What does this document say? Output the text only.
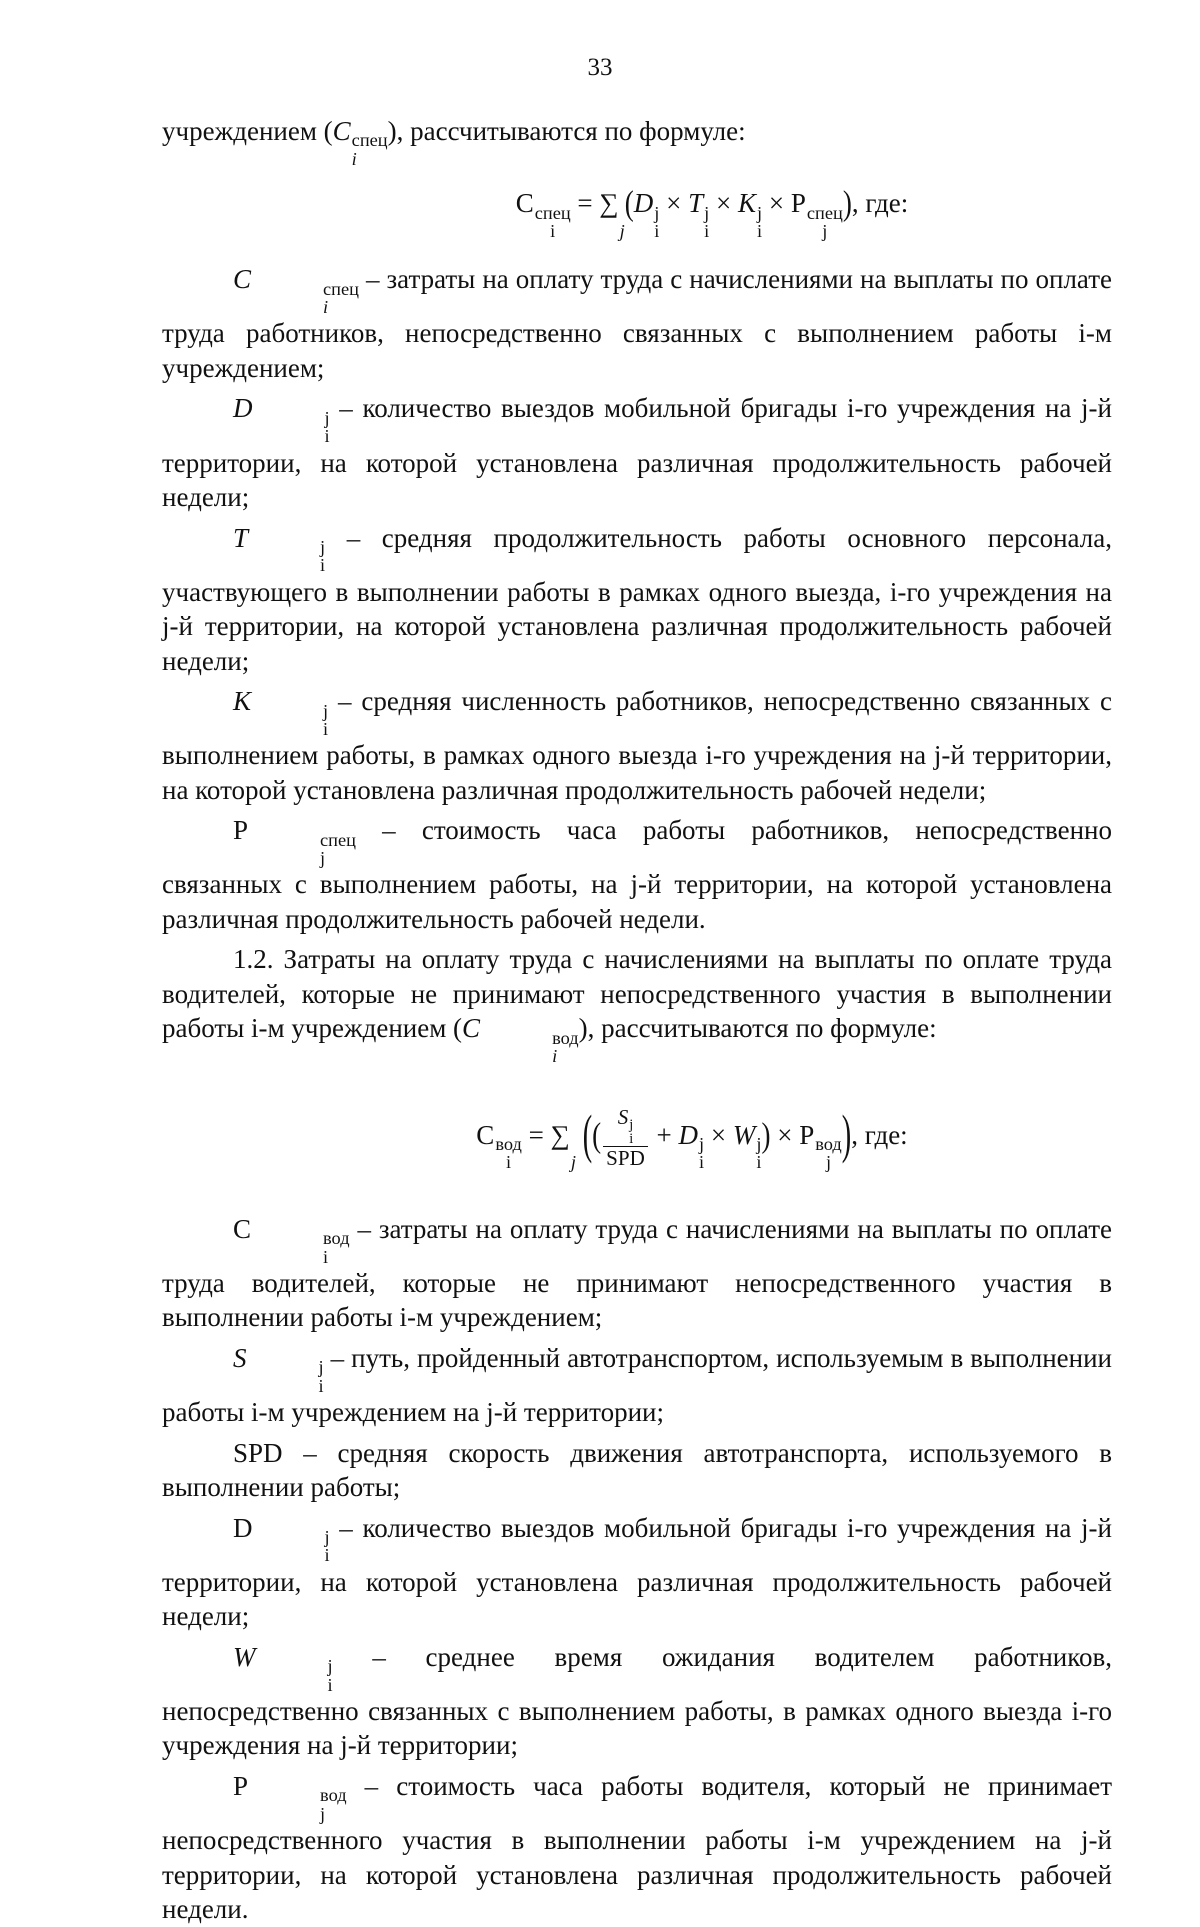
33

учреждением (C спец
i
), рассчитываются по формуле:

С спец
i
= ∑

j
(D j
i
× T j
i
× K j
i
× Р спец
j
), где:

C	спец
i
– затраты на оплату труда с начислениями на выплаты по оплате труда работников, непосредственно связанных с выполнением работы i-м учреждением;

D	j
i
– количество выездов мобильной бригады i-го учреждения на j-й территории, на которой установлена различная продолжительность рабочей недели;

T	j
i
– средняя продолжительность работы основного персонала, участвующего в выполнении работы в рамках одного выезда, i-го учреждения на j-й территории, на которой установлена различная продолжительность рабочей недели;

K	j
i
– средняя численность работников, непосредственно связанных с выполнением работы, в рамках одного выезда i-го учреждения на j-й территории, на которой установлена различная продолжительность рабочей недели;

Р	спец
j
– стоимость часа работы работников, непосредственно связанных с выполнением работы, на j-й территории, на которой установлена различная продолжительность рабочей недели.

1.2. Затраты на оплату труда с начислениями на выплаты по оплате труда водителей, которые не принимают непосредственного участия в выполнении работы i-м учреждением (C	вод
i
), рассчитываются по формуле:

С вод
i
= ∑

j (( S j
i
SPD + D j
i
× W j
i
) × Р вод
j ), где:

С	вод
i
– затраты на оплату труда с начислениями на выплаты по оплате труда водителей, которые не принимают непосредственного участия в выполнении работы i-м учреждением;

S	j
i
– путь, пройденный автотранспортом, используемым в выполнении работы i-м учреждением на j-й территории;

SPD – средняя скорость движения автотранспорта, используемого в выполнении работы;

D	j
i
– количество выездов мобильной бригады i-го учреждения на j-й территории, на которой установлена различная продолжительность рабочей недели;

W	j
i
– среднее время ожидания водителем работников, непосредственно связанных с выполнением работы, в рамках одного выезда i-го учреждения на j-й территории;

Р	вод
j
– стоимость часа работы водителя, который не принимает непосредственного участия в выполнении работы i-м учреждением на j-й территории, на которой установлена различная продолжительность рабочей недели.
